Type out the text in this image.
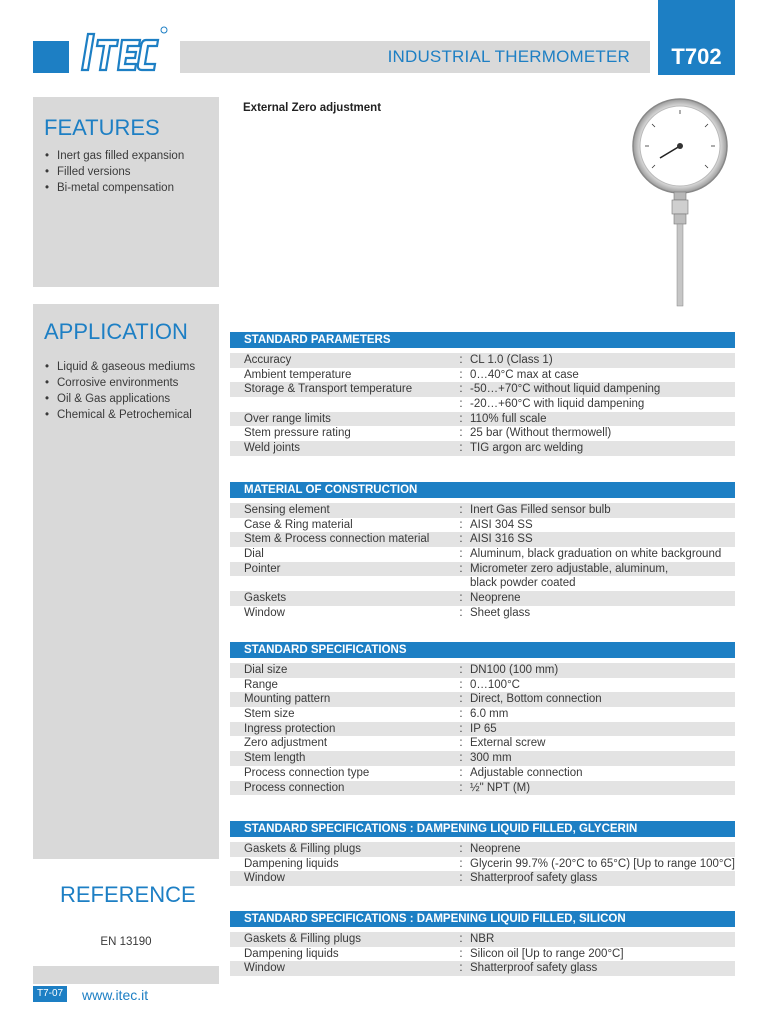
INDUSTRIAL THERMOMETER	T702
FEATURES
• Inert gas filled expansion
• Filled versions
• Bi-metal compensation
APPLICATION
• Liquid & gaseous mediums
• Corrosive environments
• Oil & Gas applications
• Chemical & Petrochemical
REFERENCE
EN 13190
T7-07 www.itec.it
External Zero adjustment
STANDARD PARAMETERS
Accuracy	: CL 1.0 (Class 1)
Ambient temperature	: 0…40°C max at case
Storage & Transport temperature	: -50…+70°C without liquid dampening
: -20…+60°C with liquid dampening
Over range limits	: 110% full scale
Stem pressure rating	: 25 bar (Without thermowell)
Weld joints	: TIG argon arc welding
MATERIAL OF CONSTRUCTION
Sensing element	: Inert Gas Filled sensor bulb
Case & Ring material	: AISI 304 SS
Stem & Process connection material	: AISI 316 SS
Dial	: Aluminum, black graduation on white background
Pointer	: Micrometer zero adjustable, aluminum,
black powder coated
Gaskets	: Neoprene
Window	: Sheet glass
STANDARD SPECIFICATIONS
Dial size	: DN100 (100 mm)
Range	: 0…100°C
Mounting pattern	: Direct, Bottom connection
Stem size	: 6.0 mm
Ingress protection	: IP 65
Zero adjustment	: External screw
Stem length	: 300 mm
Process connection type	: Adjustable connection
Process connection	: ½" NPT (M)
STANDARD SPECIFICATIONS : DAMPENING LIQUID FILLED, GLYCERIN
Gaskets & Filling plugs	: Neoprene
Dampening liquids	: Glycerin 99.7% (-20°C to 65°C) [Up to range 100°C]
Window	: Shatterproof safety glass
STANDARD SPECIFICATIONS : DAMPENING LIQUID FILLED, SILICON
Gaskets & Filling plugs	: NBR
Dampening liquids	: Silicon oil [Up to range 200°C]
Window	: Shatterproof safety glass
